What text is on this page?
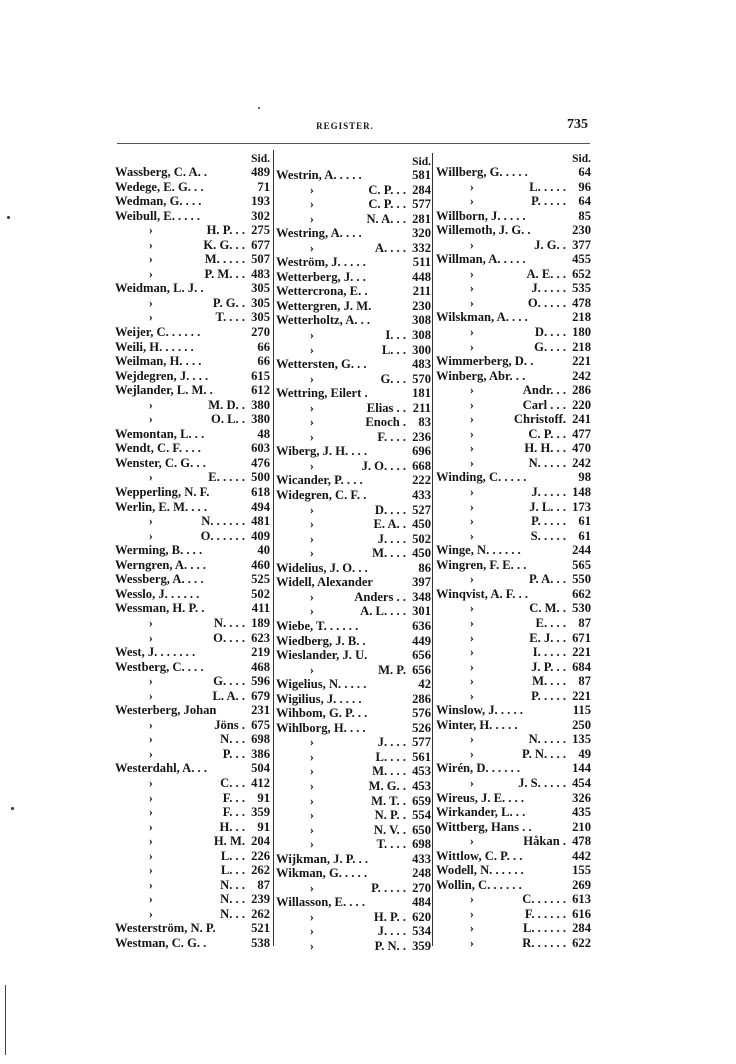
REGISTER.	735
Sid.
Wassberg, C. A. .	489
Wedege, E. G. . .	71
Wedman, G. . . .	193
Weibull, E. . . . .	302
›	H. P. . . 275
›	K. G. . . 677
›	M. . . . . 507
›	P. M. . . 483
Weidman, L. J. .	305
›	P. G. . 305
›	T. . . . 305
Weijer, C. . . . . .	270
Weili, H. . . . . .	66
Weilman, H. . . .	66
Wejdegren, J. . . .	615
Wejlander, L. M. .	612
›	M. D. . 380
›	O. L. . 380
Wemontan, L. . .	48
Wendt, C. F. . . .	603
Wenster, C. G. . .	476
›	E. . . . . 500
Wepperling, N. F.	618
Werlin, E. M. . . .	494
›	N. . . . . . 481
›	O. . . . . . 409
Werming, B. . . .	40
Werngren, A. . . .	460
Wessberg, A. . . .	525
Wesslo, J. . . . . .	502
Wessman, H. P. .	411
›	N. . . . 189
›	O. . . . 623
West, J. . . . . . .	219
Westberg, C. . . .	468
›	G. . . . 596
›	L. A. . 679
Westerberg, Johan	231
›	Jöns . 675
›	N. . . 698
›	P. . . 386
Westerdahl, A. . .	504
›	C. . . 412
›	F. . . 91
›	F. . . 359
›	H. . . 91
›	H. M. 204
›	L. . . 226
›	L. . . 262
›	N. . . 87
›	N. . . 239
›	N. . . 262
Westerström, N. P.	521
Westman, C. G. .	538
Sid.
Westrin, A. . . . .	581
›	C. P. . . 284
›	C. P. . . 577
›	N. A. . . 281
Westring, A. . . .	320
›	A. . . . 332
Weström, J. . . . .	511
Wetterberg, J. . .	448
Wettercrona, E. .	211
Wettergren, J. M.	230
Wetterholtz, A. . .	308
›	I. . . 308
›	L. . . 300
Wettersten, G. . .	483
›	G. . . 570
Wettring, Eilert .	181
›	Elias . . 211
›	Enoch . 83
›	F. . . . 236
Wiberg, J. H. . . .	696
›	J. O. . . . 668
Wicander, P. . . .	222
Widegren, C. F. .	433
›	D. . . . 527
›	E. A. . 450
›	J. . . . 502
›	M. . . . 450
Widelius, J. O. . .	86
Widell, Alexander	397
›	Anders . . 348
›	A. L. . . . 301
Wiebe, T. . . . . .	636
Wiedberg, J. B. .	449
Wieslander, J. U.	656
›	M. P. 656
Wigelius, N. . . . .	42
Wigilius, J. . . . .	286
Wihbom, G. P. . .	576
Wihlborg, H. . . .	526
›	J. . . . 577
›	L. . . . 561
›	M. . . . 453
›	M. G. . 453
›	M. T. . 659
›	N. P. . 554
›	N. V. . 650
›	T. . . . 698
Wijkman, J. P. . .	433
Wikman, G. . . . .	248
›	P. . . . . 270
Willasson, E. . . .	484
›	H. P. . 620
›	J. . . . 534
›	P. N. . 359
Sid.
Willberg, G. . . . .	64
›	L. . . . . 96
›	P. . . . . 64
Willborn, J. . . . .	85
Willemoth, J. G. .	230
›	J. G. . 377
Willman, A. . . . .	455
›	A. E. . . 652
›	J. . . . . 535
›	O. . . . . 478
Wilskman, A. . . .	218
›	D. . . . 180
›	G. . . . 218
Wimmerberg, D. .	221
Winberg, Abr. . .	242
›	Andr. . . 286
›	Carl . . . 220
›	Christoff. 241
›	C. P. . . 477
›	H. H. . . 470
›	N. . . . . 242
Winding, C. . . . .	98
›	J. . . . . 148
›	J. L. . . 173
›	P. . . . . 61
›	S. . . . . 61
Winge, N. . . . . .	244
Wingren, F. E. . .	565
›	P. A. . . 550
Winqvist, A. F. . .	662
›	C. M. . 530
›	E. . . . 87
›	E. J. . . 671
›	I. . . . . 221
›	J. P. . . 684
›	M. . . . 87
›	P. . . . . 221
Winslow, J. . . . .	115
Winter, H. . . . .	250
›	N. . . . . 135
›	P. N. . . . 49
Wirén, D. . . . . .	144
›	J. S. . . . . 454
Wireus, J. E. . . .	326
Wirkander, L. . .	435
Wittberg, Hans . .	210
›	Håkan . 478
Wittlow, C. P. . .	442
Wodell, N. . . . . .	155
Wollin, C. . . . . .	269
›	C. . . . . . 613
›	F. . . . . . 616
›	L. . . . . . 284
›	R. . . . . . 622
